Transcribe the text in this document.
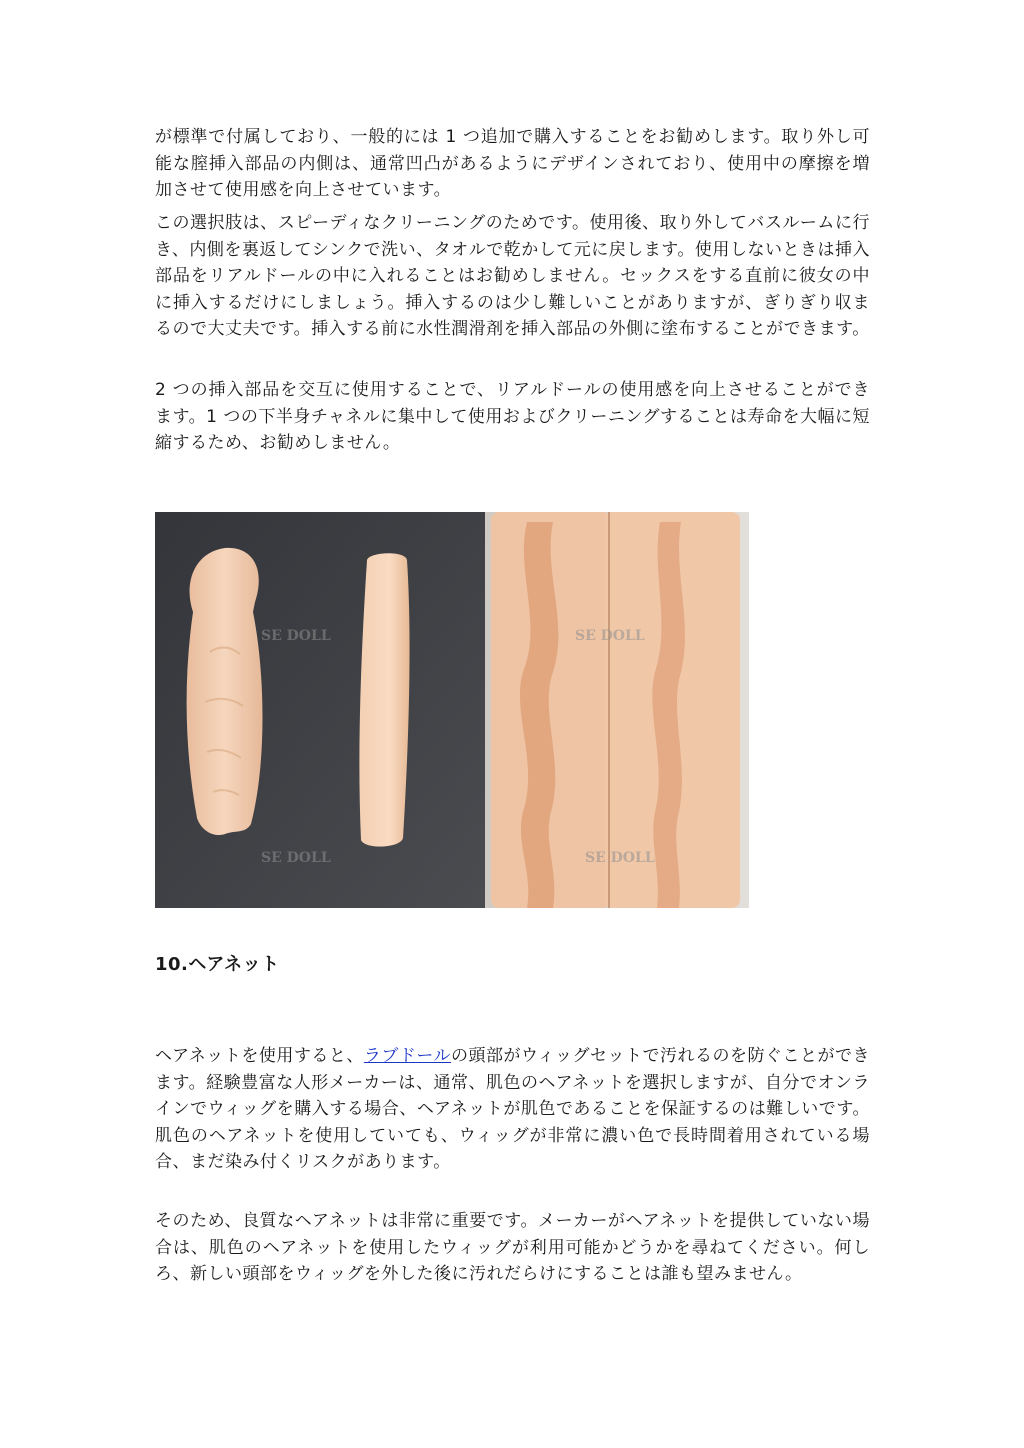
が標準で付属しており、一般的には 1 つ追加で購入することをお勧めします。取り外し可能な膣挿入部品の内側は、通常凹凸があるようにデザインされており、使用中の摩擦を増加させて使用感を向上させています。

この選択肢は、スピーディなクリーニングのためです。使用後、取り外してバスルームに行き、内側を裏返してシンクで洗い、タオルで乾かして元に戻します。使用しないときは挿入部品をリアルドールの中に入れることはお勧めしません。セックスをする直前に彼女の中に挿入するだけにしましょう。挿入するのは少し難しいことがありますが、ぎりぎり収まるので大丈夫です。挿入する前に水性潤滑剤を挿入部品の外側に塗布することができます。

2 つの挿入部品を交互に使用することで、リアルドールの使用感を向上させることができます。1 つの下半身チャネルに集中して使用およびクリーニングすることは寿命を大幅に短縮するため、お勧めしません。

SE DOLL
SE DOLL
SE DOLL
SE DOLL
10.ヘアネット

ヘアネットを使用すると、ラブドールの頭部がウィッグセットで汚れるのを防ぐことができます。経験豊富な人形メーカーは、通常、肌色のヘアネットを選択しますが、自分でオンラインでウィッグを購入する場合、ヘアネットが肌色であることを保証するのは難しいです。肌色のヘアネットを使用していても、ウィッグが非常に濃い色で長時間着用されている場合、まだ染み付くリスクがあります。

そのため、良質なヘアネットは非常に重要です。メーカーがヘアネットを提供していない場合は、肌色のヘアネットを使用したウィッグが利用可能かどうかを尋ねてください。何しろ、新しい頭部をウィッグを外した後に汚れだらけにすることは誰も望みません。
